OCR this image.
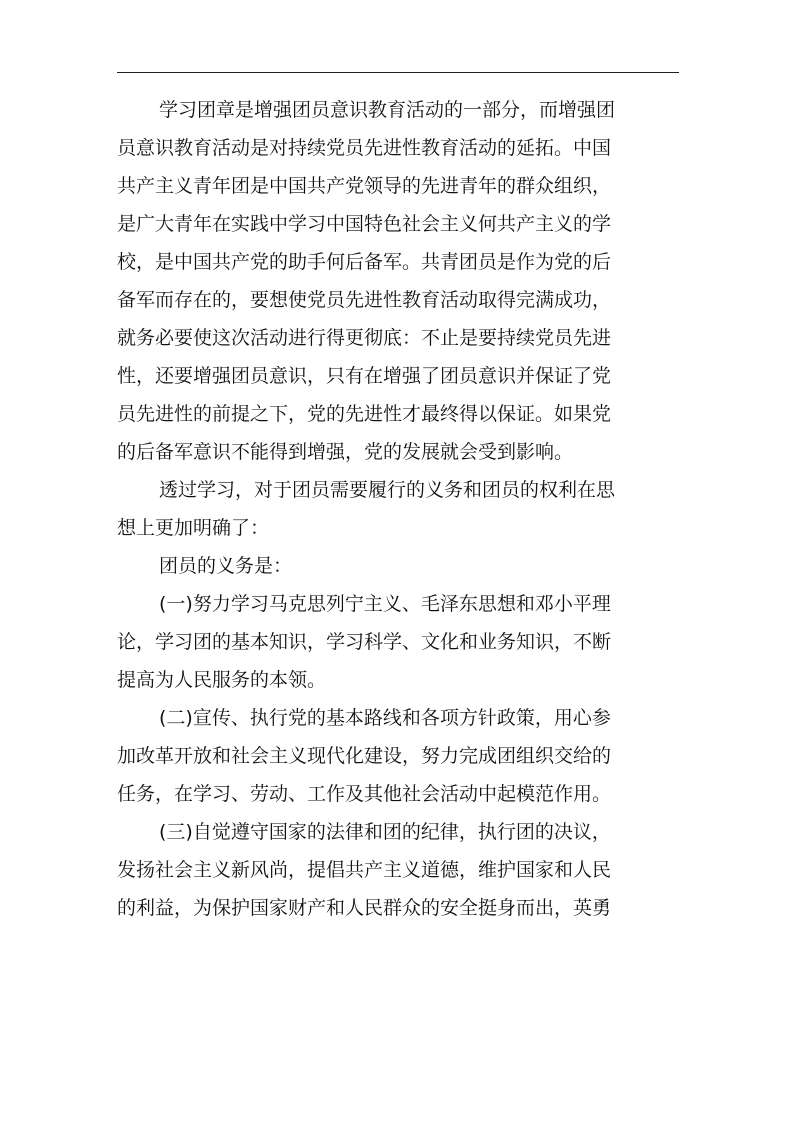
学习团章是增强团员意识教育活动的一部分，而增强团
员意识教育活动是对持续党员先进性教育活动的延拓。中国
共产主义青年团是中国共产党领导的先进青年的群众组织，
是广大青年在实践中学习中国特色社会主义何共产主义的学
校，是中国共产党的助手何后备军。共青团员是作为党的后
备军而存在的，要想使党员先进性教育活动取得完满成功，
就务必要使这次活动进行得更彻底：不止是要持续党员先进
性，还要增强团员意识，只有在增强了团员意识并保证了党
员先进性的前提之下，党的先进性才最终得以保证。如果党
的后备军意识不能得到增强，党的发展就会受到影响。
透过学习，对于团员需要履行的义务和团员的权利在思
想上更加明确了：
团员的义务是：
(一)努力学习马克思列宁主义、毛泽东思想和邓小平理
论，学习团的基本知识，学习科学、文化和业务知识，不断
提高为人民服务的本领。
(二)宣传、执行党的基本路线和各项方针政策，用心参
加改革开放和社会主义现代化建设，努力完成团组织交给的
任务，在学习、劳动、工作及其他社会活动中起模范作用。
(三)自觉遵守国家的法律和团的纪律，执行团的决议，
发扬社会主义新风尚，提倡共产主义道德，维护国家和人民
的利益，为保护国家财产和人民群众的安全挺身而出，英勇
